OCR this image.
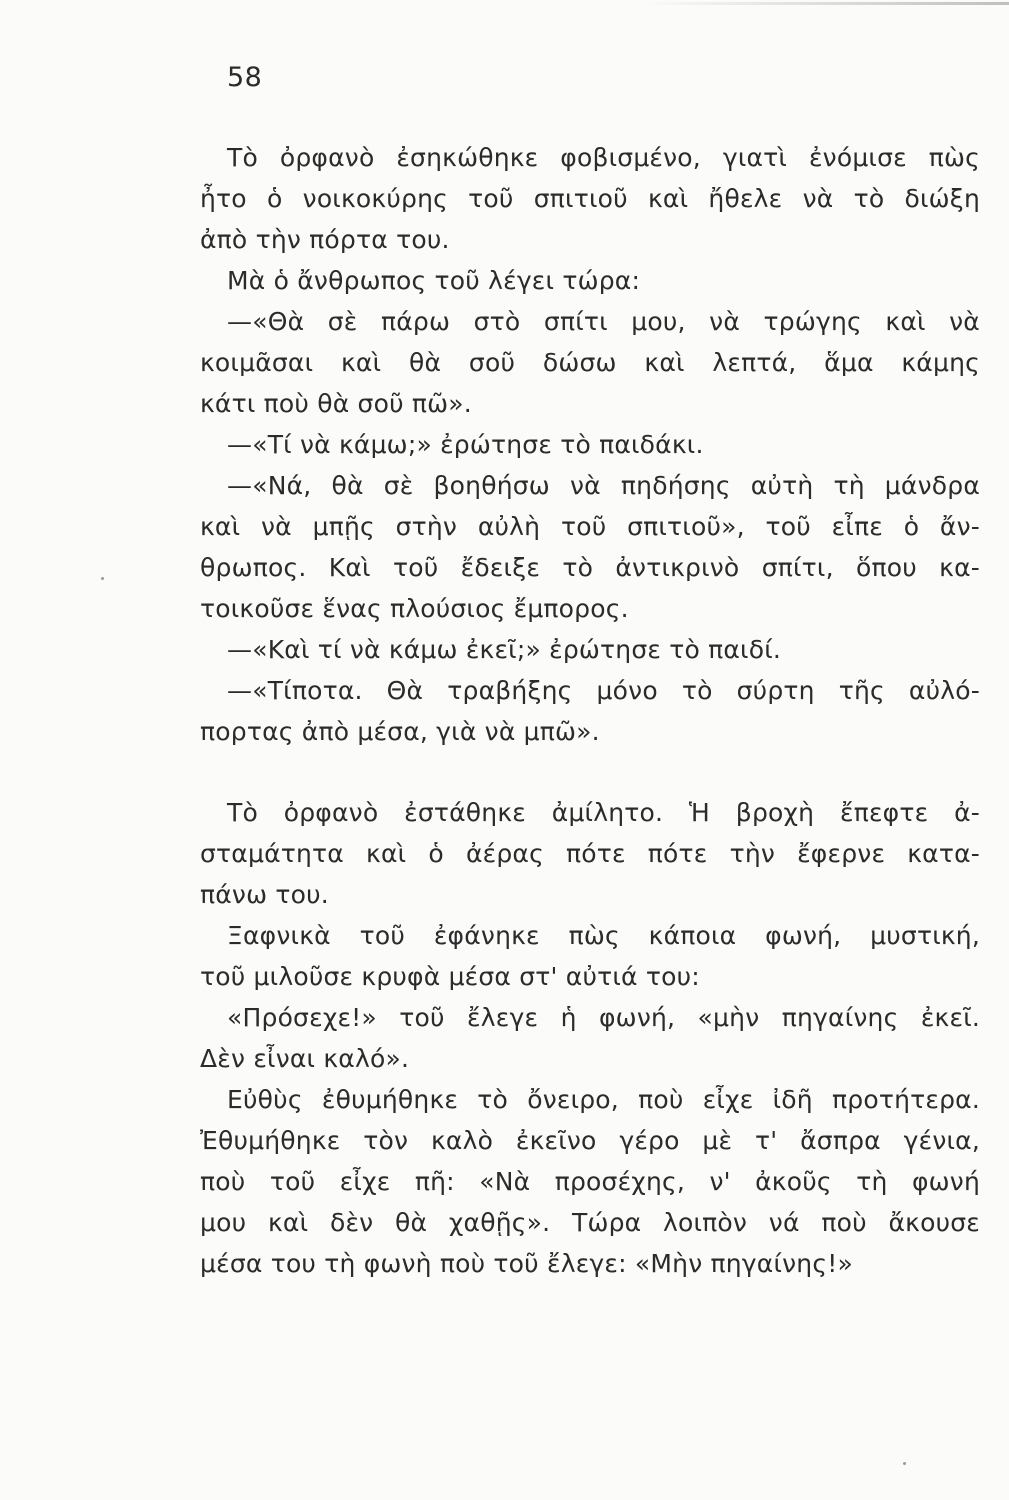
58
Τὸ ὀρφανὸ ἐσηκώθηκε φοβισμένο, γιατὶ ἐνόμισε πὼς
ἦτο ὁ νοικοκύρης τοῦ σπιτιοῦ καὶ ἤθελε νὰ τὸ διώξη
ἀπὸ τὴν πόρτα του.
Μὰ ὁ ἄνθρωπος τοῦ λέγει τώρα:
—«Θὰ σὲ πάρω στὸ σπίτι μου, νὰ τρώγης καὶ νὰ
κοιμᾶσαι καὶ θὰ σοῦ δώσω καὶ λεπτά, ἅμα κάμης
κάτι ποὺ θὰ σοῦ πῶ».
—«Τί νὰ κάμω;» ἐρώτησε τὸ παιδάκι.
—«Νά, θὰ σὲ βοηθήσω νὰ πηδήσης αὐτὴ τὴ μάνδρα
καὶ νὰ μπῇς στὴν αὐλὴ τοῦ σπιτιοῦ», τοῦ εἶπε ὁ ἄν-
θρωπος. Καὶ τοῦ ἔδειξε τὸ ἀντικρινὸ σπίτι, ὅπου κα-
τοικοῦσε ἕνας πλούσιος ἔμπορος.
—«Καὶ τί νὰ κάμω ἐκεῖ;» ἐρώτησε τὸ παιδί.
—«Τίποτα. Θὰ τραβήξης μόνο τὸ σύρτη τῆς αὐλό-
πορτας ἀπὸ μέσα, γιὰ νὰ μπῶ».
Τὸ ὀρφανὸ ἐστάθηκε ἀμίλητο. Ἡ βροχὴ ἔπεφτε ἀ-
σταμάτητα καὶ ὁ ἀέρας πότε πότε τὴν ἔφερνε κατα-
πάνω του.
Ξαφνικὰ τοῦ ἐφάνηκε πὼς κάποια φωνή, μυστική,
τοῦ μιλοῦσε κρυφὰ μέσα στ' αὐτιά του:
«Πρόσεχε!» τοῦ ἔλεγε ἡ φωνή, «μὴν πηγαίνης ἐκεῖ.
Δὲν εἶναι καλό».
Εὐθὺς ἐθυμήθηκε τὸ ὄνειρο, ποὺ εἶχε ἰδῆ προτήτερα.
Ἐθυμήθηκε τὸν καλὸ ἐκεῖνο γέρο μὲ τ' ἄσπρα γένια,
ποὺ τοῦ εἶχε πῆ: «Νὰ προσέχης, ν' ἀκοῦς τὴ φωνή
μου καὶ δὲν θὰ χαθῇς». Τώρα λοιπὸν νά ποὺ ἄκουσε
μέσα του τὴ φωνὴ ποὺ τοῦ ἔλεγε: «Μὴν πηγαίνης!»
